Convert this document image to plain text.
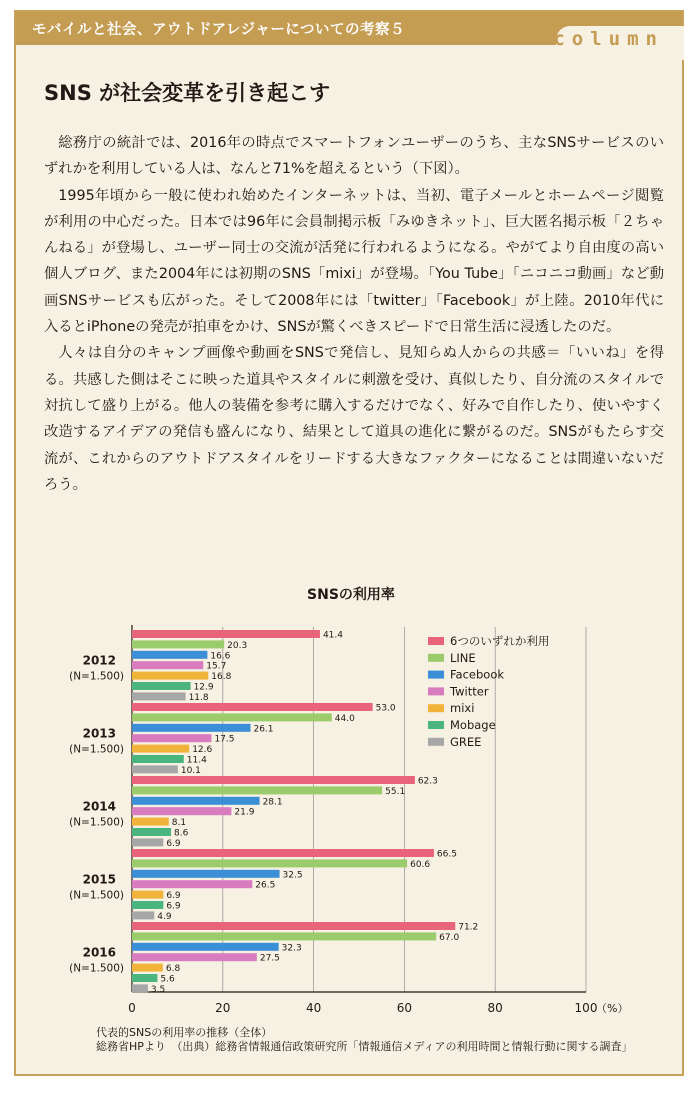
モバイルと社会、アウトドアレジャーについての考察５	column
SNS が社会変革を引き起こす

総務庁の統計では、2016年の時点でスマートフォンユーザーのうち、主なSNSサービスのいずれかを利用している人は、なんと71%を超えるという（下図）。

1995年頃から一般に使われ始めたインターネットは、当初、電子メールとホームページ閲覧が利用の中心だった。日本では96年に会員制掲示板「みゆきネット」、巨大匿名掲示板「２ちゃんねる」が登場し、ユーザー同士の交流が活発に行われるようになる。やがてより自由度の高い個人ブログ、また2004年には初期のSNS「mixi」が登場。「You Tube」「ニコニコ動画」など動画SNSサービスも広がった。そして2008年には「twitter」「Facebook」が上陸。2010年代に入るとiPhoneの発売が拍車をかけ、SNSが驚くべきスピードで日常生活に浸透したのだ。

人々は自分のキャンプ画像や動画をSNSで発信し、見知らぬ人からの共感＝「いいね」を得る。共感した側はそこに映った道具やスタイルに刺激を受け、真似したり、自分流のスタイルで対抗して盛り上がる。他人の装備を参考に購入するだけでなく、好みで自作したり、使いやすく改造するアイデアの発信も盛んになり、結果として道具の進化に繋がるのだ。SNSがもたらす交流が、これからのアウトドアスタイルをリードする大きなファクターになることは間違いないだろう。

SNSの利用率
0	20	40	60	80	100
（%）
41.4
20.3
16.6
15.7
16.8
12.9
11.8
2012
(N=1.500)
53.0
44.0
26.1
17.5
12.6
11.4
10.1
2013
(N=1.500)
62.3
55.1
28.1
21.9
8.1
8.6
6.9
2014
(N=1.500)
66.5
60.6
32.5
26.5
6.9
6.9
4.9
2015
(N=1.500)
71.2
67.0
32.3
27.5
6.8
5.6
3.5
2016
(N=1.500)
6つのいずれか利用
LINE
Facebook
Twitter
mixi
Mobage
GREE
代表的SNSの利用率の推移（全体）
総務省HPより　（出典）総務省情報通信政策研究所「情報通信メディアの利用時間と情報行動に関する調査」
